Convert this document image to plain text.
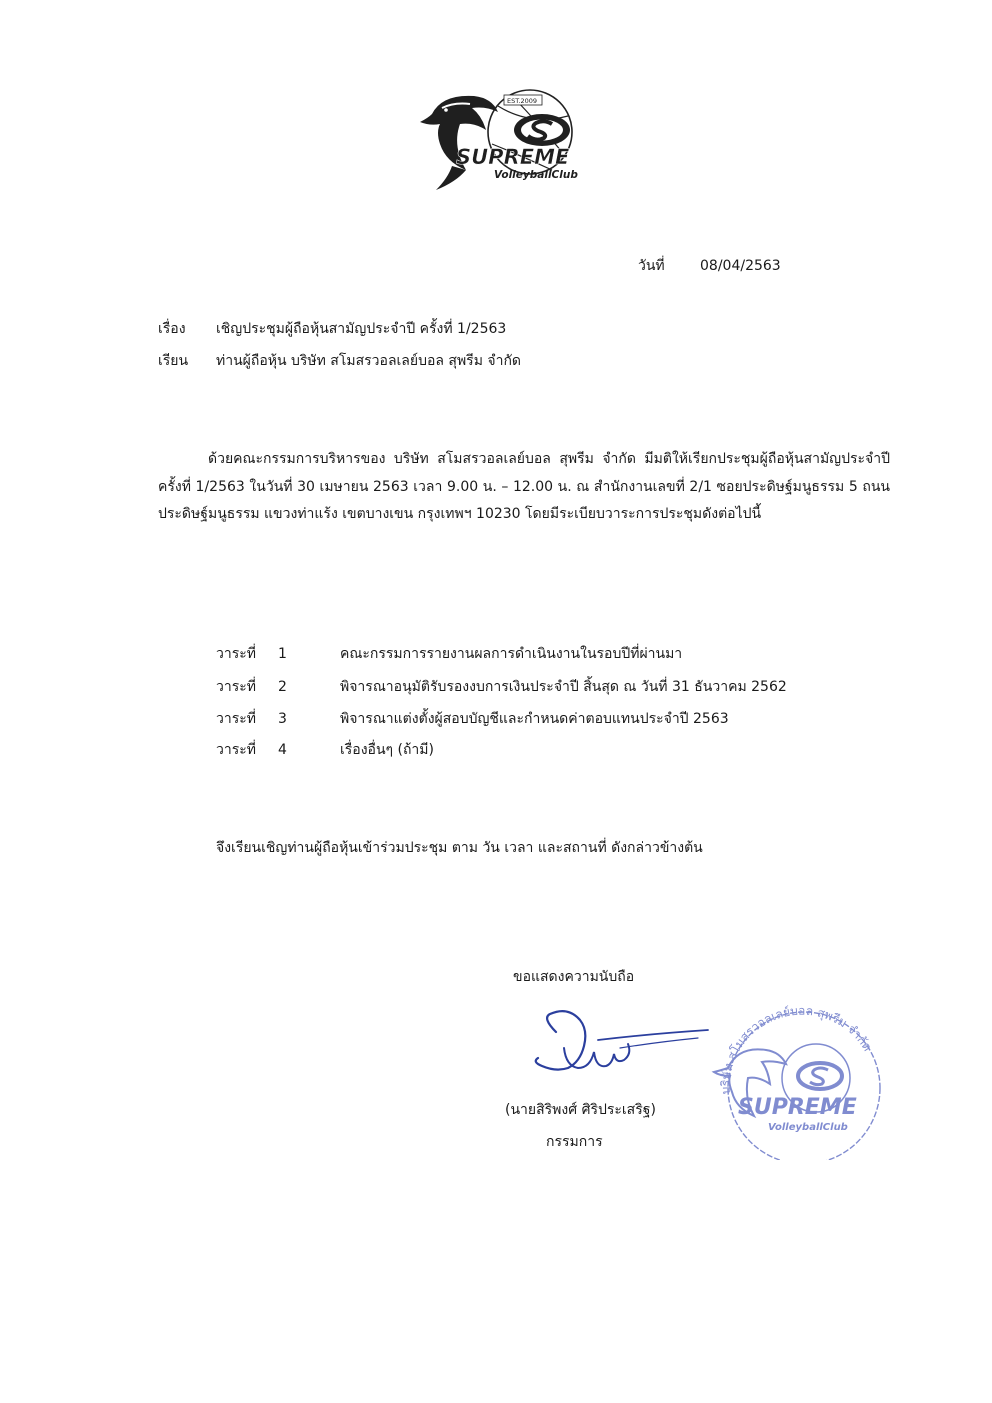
EST.2009
SUPREME
VolleyballClub
วันที่	08/04/2563
เรื่อง เชิญประชุมผู้ถือหุ้นสามัญประจำปี ครั้งที่ 1/2563
เรียน ท่านผู้ถือหุ้น บริษัท สโมสรวอลเลย์บอล สุพรีม จำกัด

ด้วยคณะกรรมการบริหารของ บริษัท สโมสรวอลเลย์บอล สุพรีม จำกัด มีมติให้เรียกประชุมผู้ถือหุ้นสามัญประจำปี ครั้งที่ 1/2563 ในวันที่ 30 เมษายน 2563 เวลา 9.00 น. – 12.00 น. ณ สำนักงานเลขที่ 2/1 ซอยประดิษฐ์มนูธรรม 5 ถนนประดิษฐ์มนูธรรม แขวงท่าแร้ง เขตบางเขน กรุงเทพฯ 10230 โดยมีระเบียบวาระการประชุมดังต่อไปนี้

วาระที่ 1	คณะกรรมการรายงานผลการดำเนินงานในรอบปีที่ผ่านมา
วาระที่ 2	พิจารณาอนุมัติรับรองงบการเงินประจำปี สิ้นสุด ณ วันที่ 31 ธันวาคม 2562
วาระที่ 3	พิจารณาแต่งตั้งผู้สอบบัญชีและกำหนดค่าตอบแทนประจำปี 2563
วาระที่ 4	เรื่องอื่นๆ (ถ้ามี)
จึงเรียนเชิญท่านผู้ถือหุ้นเข้าร่วมประชุม ตาม วัน เวลา และสถานที่ ดังกล่าวข้างต้น
ขอแสดงความนับถือ
บริษัท สโมสรวอลเลย์บอล สุพรีม จำกัด
SUPREME
VolleyballClub
(นายสิริพงศ์ ศิริประเสริฐ)
กรรมการ
